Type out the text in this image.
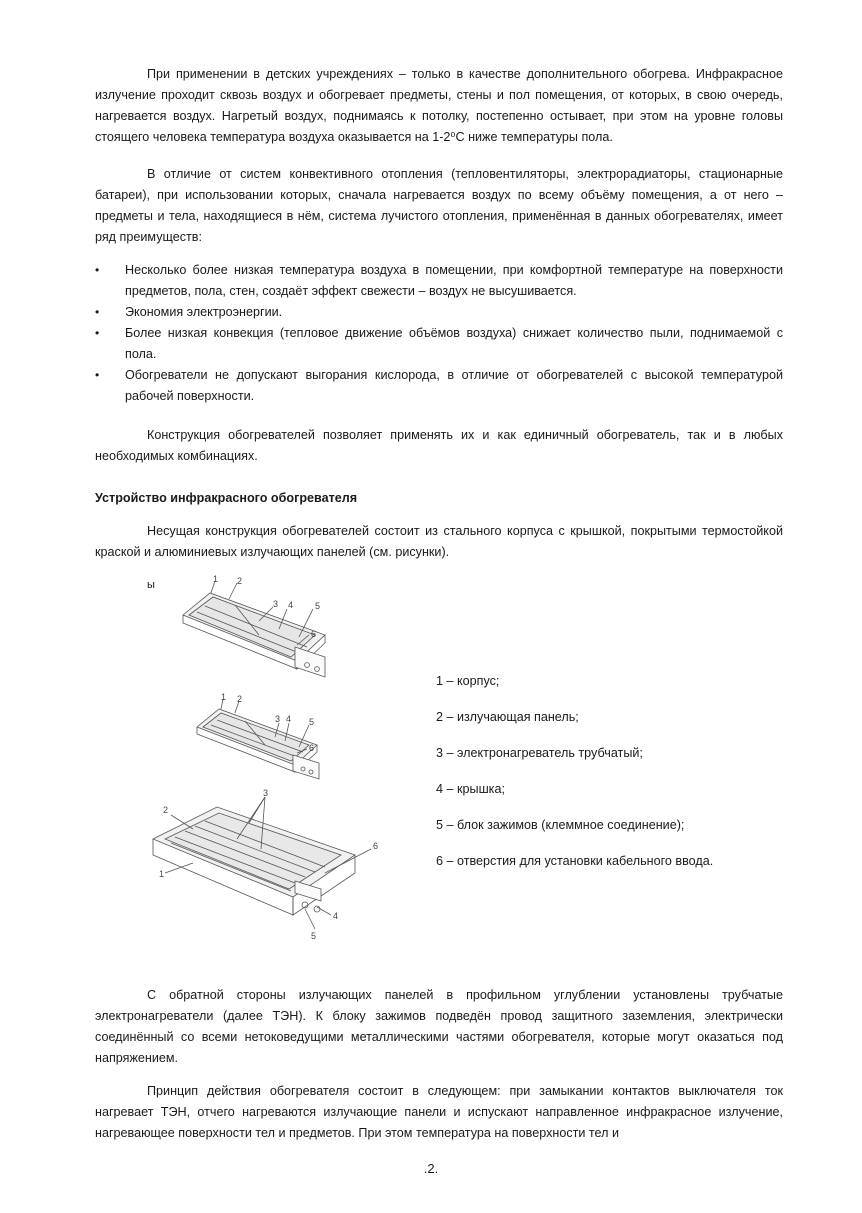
При применении в детских учреждениях – только в качестве дополнительного обогрева. Инфракрасное излучение проходит сквозь воздух и обогревает предметы, стены и пол помещения, от которых, в свою очередь, нагревается воздух. Нагретый воздух, поднимаясь к потолку, постепенно остывает, при этом на уровне головы стоящего человека температура воздуха оказывается на 1-2⁰С ниже температуры пола.

В отличие от систем конвективного отопления (тепловентиляторы, электрорадиаторы, стационарные батареи), при использовании которых, сначала нагревается воздух по всему объёму помещения, а от него – предметы и тела, находящиеся в нём, система лучистого отопления, применённая в данных обогревателях, имеет ряд преимуществ:

• Несколько более низкая температура воздуха в помещении, при комфортной температуре на поверхности предметов, пола, стен, создаёт эффект свежести – воздух не высушивается.
• Экономия электроэнергии.
• Более низкая конвекция (тепловое движение объёмов воздуха) снижает количество пыли, поднимаемой с пола.
• Обогреватели не допускают выгорания кислорода, в отличие от обогревателей с высокой температурой рабочей поверхности.

Конструкция обогревателей позволяет применять их и как единичный обогреватель, так и в любых необходимых комбинациях.

Устройство инфракрасного обогревателя

Несущая конструкция обогревателей состоит из стального корпуса с крышкой, покрытыми термостойкой краской и алюминиевых излучающих панелей (см. рисунки).

ы	1 2
3 4 5
6
1 2
3 4 5
6
3
2
1
6
4
5
1 – корпус;
2 – излучающая панель;
3 – электронагреватель трубчатый;
4 – крышка;
5 – блок зажимов (клеммное соединение);
6 – отверстия для установки кабельного ввода.

С обратной стороны излучающих панелей в профильном углублении установлены трубчатые электронагреватели (далее ТЭН). К блоку зажимов подведён провод защитного заземления, электрически соединённый со всеми нетоковедущими металлическими частями обогревателя, которые могут оказаться под напряжением.

Принцип действия обогревателя состоит в следующем: при замыкании контактов выключателя ток нагревает ТЭН, отчего нагреваются излучающие панели и испускают направленное инфракрасное излучение, нагревающее поверхности тел и предметов. При этом температура на поверхности тел и

.2.
